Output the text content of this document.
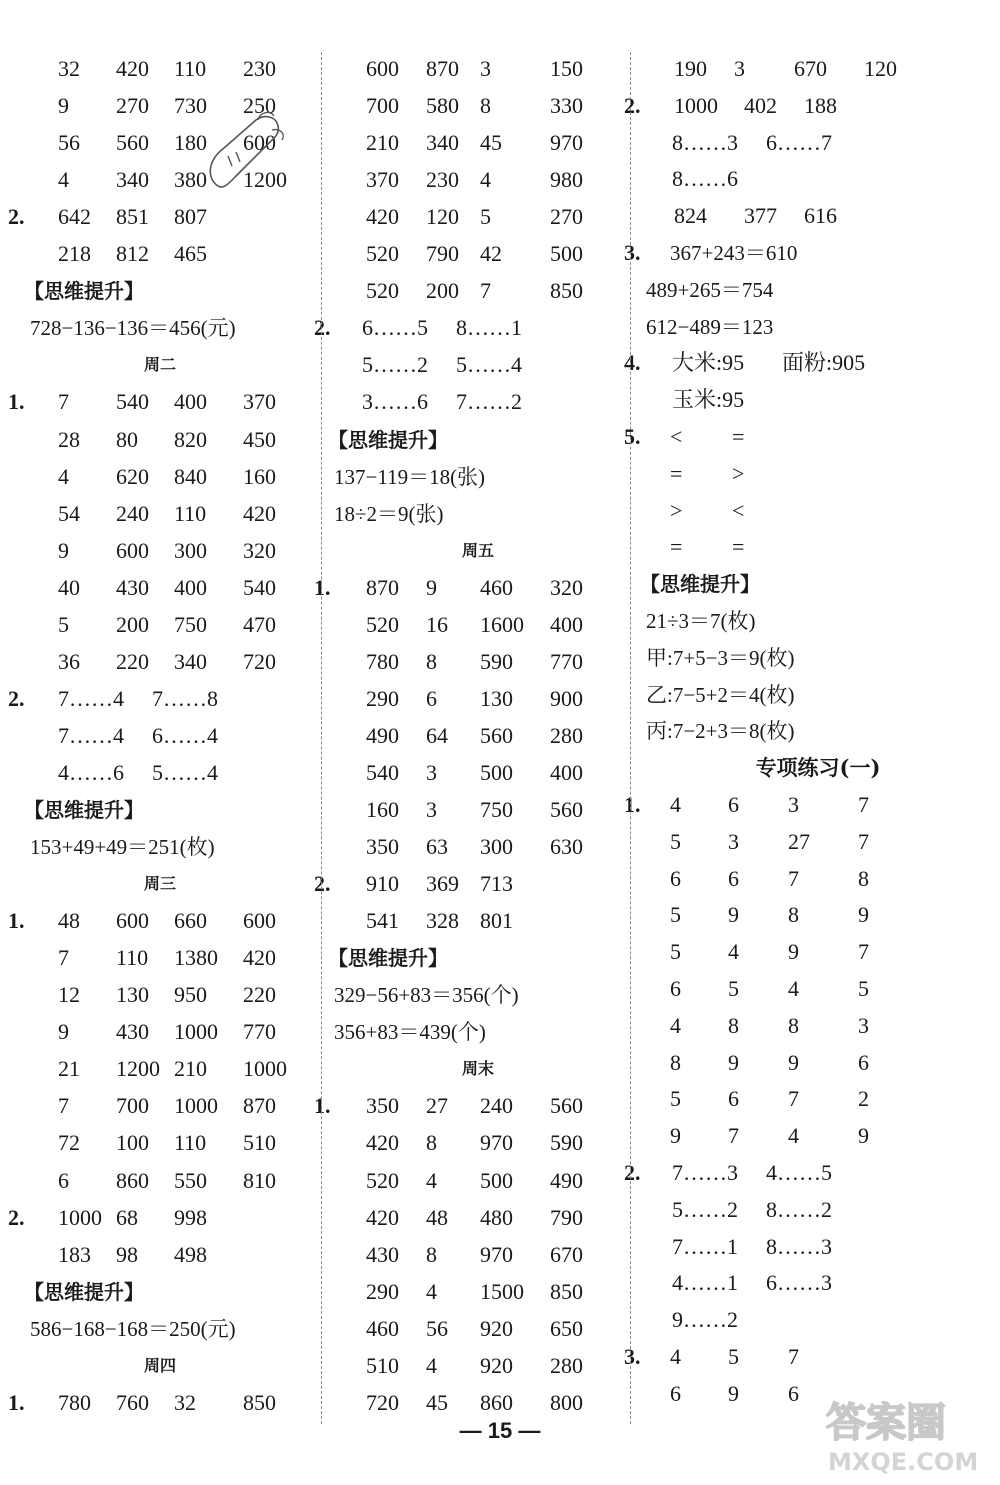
32 420 110 230
9 270 730 250
56 560 180 600
4 340 380 1200
2. 642 851 807
218 812 465
【思维提升】
728−136−136＝456(元)
周二
1. 7 540 400 370
28 80 820 450
4 620 840 160
54 240 110 420
9 600 300 320
40 430 400 540
5 200 750 470
36 220 340 720
2. 7……4 7……8
7……4 6……4
4……6 5……4
【思维提升】
153+49+49＝251(枚)
周三
1. 48 600 660 600
7 110 1380 420
12 130 950 220
9 430 1000 770
21 1200 210 1000
7 700 1000 870
72 100 110 510
6 860 550 810
2. 1000 68 998
183 98 498
【思维提升】
586−168−168＝250(元)
周四
1. 780 760 32 850
600 870 3	150
700 580 8	330
210 340 45 970
370 230 4	980
420 120 5	270
520 790 42 500
520 200 7	850
2. 6……5 8……1
5……2 5……4
3……6 7……2
【思维提升】
137−119＝18(张)
18÷2＝9(张)
周五
1. 870 9 460 320
520 16 1600 400
780 8 590 770
290 6 130 900
490 64 560 280
540 3 500 400
160 3 750 560
350 63 300 630
2. 910 369 713
541 328 801
【思维提升】
329−56+83＝356(个)
356+83＝439(个)
周末
1. 350 27 240 560
420 8 970 590
520 4 500 490
420 48 480 790
430 8 970 670
290 4 1500 850
460 56 920 650
510 4 920 280
720 45 860 800
190 3 670 120
2. 1000 402 188
8……3 6……7
8……6
824 377 616
3. 367+243＝610
489+265＝754
612−489＝123
4. 大米:95 面粉:905
玉米:95
5. < =
= >
> <
= =
【思维提升】
21÷3＝7(枚)
甲:7+5−3＝9(枚)
乙:7−5+2＝4(枚)
丙:7−2+3＝8(枚)
专项练习(一)
1. 4 6 3	7
5 3 27 7
6 6 7	8
5 9 8	9
5 4 9	7
6 5 4	5
4 8 8	3
8 9 9	6
5 6 7	2
9 7 4	9
2. 7……3 4……5
5……2 8……2
7……1 8……3
4……1 6……3
9……2
3. 4 5 7
6 9 6
— 15 —	答案圈
MXQE.COM
